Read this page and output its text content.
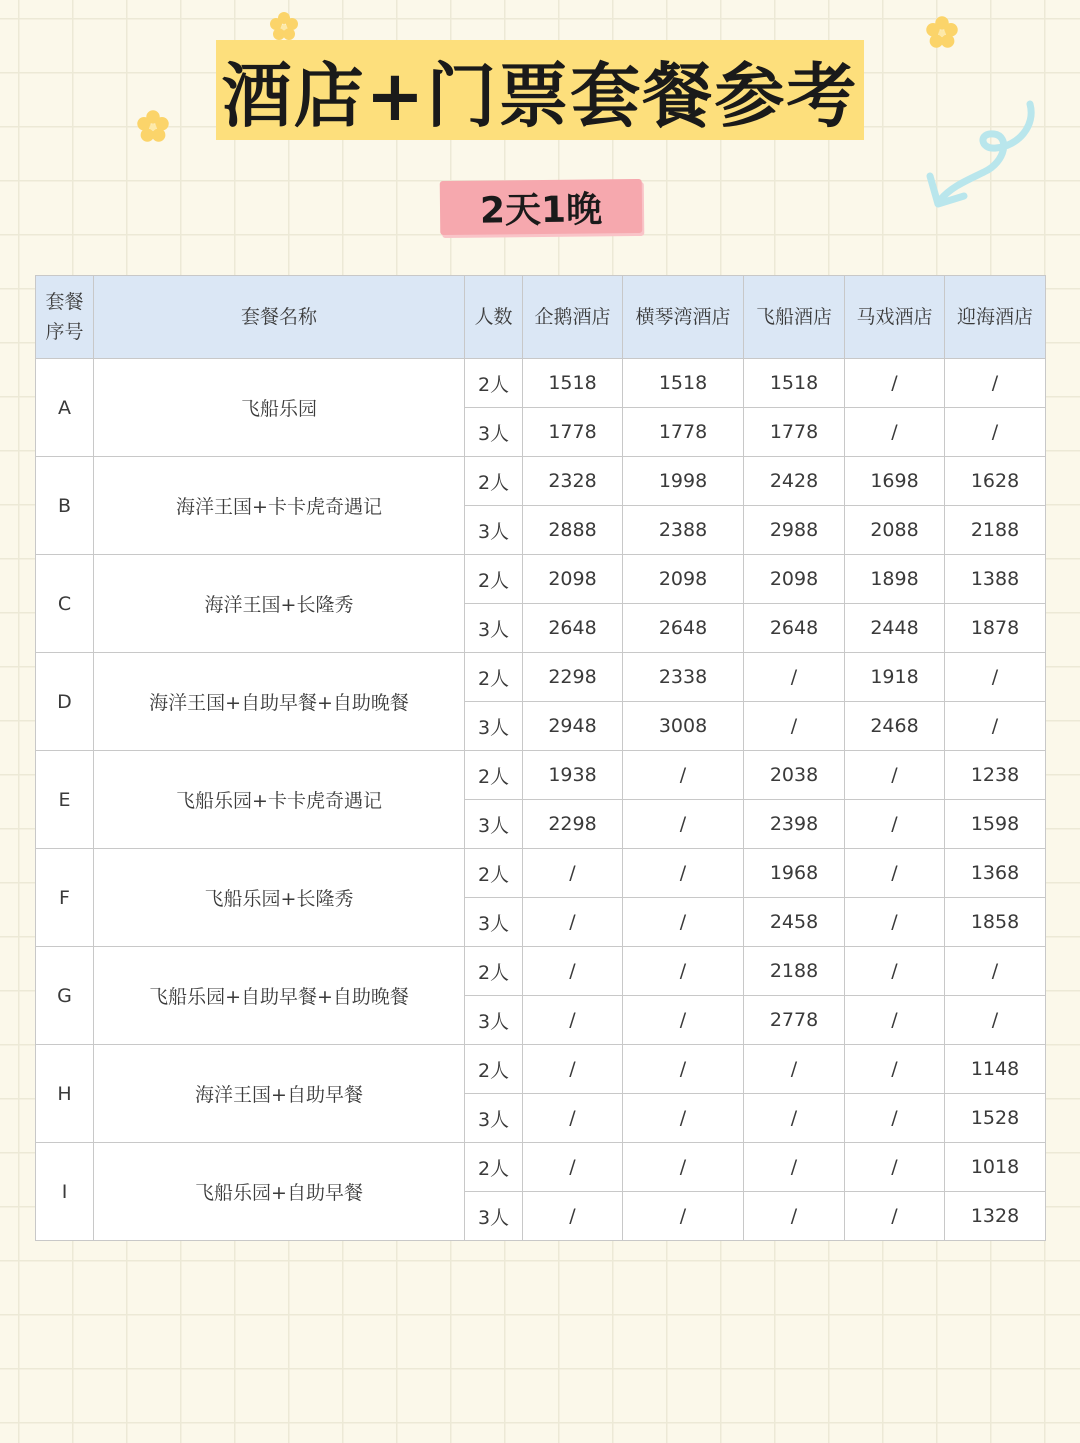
酒店+门票套餐参考
2天1晚
套餐
序号	套餐名称	人数	企鹅酒店	横琴湾酒店	飞船酒店	马戏酒店	迎海酒店
A	飞船乐园	2人	1518	1518	1518	/	/
		3人	1778	1778	1778	/	/
B	海洋王国+卡卡虎奇遇记	2人	2328	1998	2428	1698	1628
		3人	2888	2388	2988	2088	2188
C	海洋王国+长隆秀	2人	2098	2098	2098	1898	1388
		3人	2648	2648	2648	2448	1878
D	海洋王国+自助早餐+自助晚餐	2人	2298	2338	/	1918	/
		3人	2948	3008	/	2468	/
E	飞船乐园+卡卡虎奇遇记	2人	1938	/	2038	/	1238
		3人	2298	/	2398	/	1598
F	飞船乐园+长隆秀	2人	/	/	1968	/	1368
		3人	/	/	2458	/	1858
G	飞船乐园+自助早餐+自助晚餐	2人	/	/	2188	/	/
		3人	/	/	2778	/	/
H	海洋王国+自助早餐	2人	/	/	/	/	1148
		3人	/	/	/	/	1528
I	飞船乐园+自助早餐	2人	/	/	/	/	1018
		3人	/	/	/	/	1328
